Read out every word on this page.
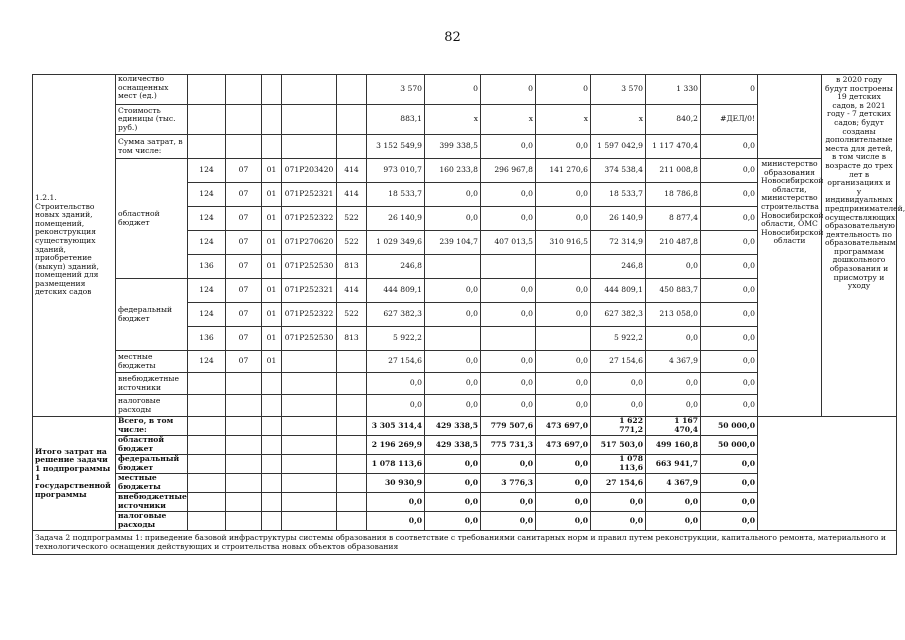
82
1.2.1.
Строительство новых зданий, помещений, реконструкция существующих зданий, приобретение (выкуп) зданий, помещений для размещения детских садов	количество оснащенных мест (ед.)						3 570	0	0	0	3 570	1 330	0		в 2020 году будут построены 19 детских садов, в 2021 году - 7 детских садов; будут созданы дополнительные места для детей, в том числе в возрасте до трех лет в организациях и у индивидуальных предпринимателей, осуществляющих образовательную деятельность по образовательным программам дошкольного образования и присмотру и уходу
	Стоимость единицы (тыс. руб.)						883,1	x	x	x	x	840,2	#ДЕЛ/0!		
	Сумма затрат, в том числе:						3 152 549,9	399 338,5	0,0	0,0	1 597 042,9	1 117 470,4	0,0		
	областной бюджет	124	07	01	071P203420	414	973 010,7	160 233,8	296 967,8	141 270,6	374 538,4	211 008,8	0,0	министерство образования Новосибирской области, министерство строительства Новосибирской области, ОМС Новосибирской области	
		124	07	01	071P252321	414	18 533,7	0,0	0,0	0,0	18 533,7	18 786,8	0,0		
		124	07	01	071P252322	522	26 140,9	0,0	0,0	0,0	26 140,9	8 877,4	0,0		
		124	07	01	071P270620	522	1 029 349,6	239 104,7	407 013,5	310 916,5	72 314,9	210 487,8	0,0		
		136	07	01	071P252530	813	246,8				246,8	0,0	0,0		
	федеральный бюджет	124	07	01	071P252321	414	444 809,1	0,0	0,0	0,0	444 809,1	450 883,7	0,0		
		124	07	01	071P252322	522	627 382,3	0,0	0,0	0,0	627 382,3	213 058,0	0,0		
		136	07	01	071P252530	813	5 922,2				5 922,2	0,0	0,0		
	местные бюджеты	124	07	01			27 154,6	0,0	0,0	0,0	27 154,6	4 367,9	0,0		
	внебюджетные источники						0,0	0,0	0,0	0,0	0,0	0,0	0,0		
	налоговые расходы						0,0	0,0	0,0	0,0	0,0	0,0	0,0		
Итого затрат на решение задачи 1 подпрограммы 1 государственной программы	Всего, в том числе:						3 305 314,4	429 338,5	779 507,6	473 697,0	1 622 771,2	1 167 470,4	50 000,0		
	областной бюджет						2 196 269,9	429 338,5	775 731,3	473 697,0	517 503,0	499 160,8	50 000,0		
	федеральный бюджет						1 078 113,6	0,0	0,0	0,0	1 078 113,6	663 941,7	0,0		
	местные бюджеты						30 930,9	0,0	3 776,3	0,0	27 154,6	4 367,9	0,0		
	внебюджетные источники						0,0	0,0	0,0	0,0	0,0	0,0	0,0		
	налоговые расходы						0,0	0,0	0,0	0,0	0,0	0,0	0,0		
Задача 2 подпрограммы 1: приведение базовой инфраструктуры системы образования в соответствие с требованиями санитарных норм и правил путем реконструкции, капитального ремонта, материального и технологического оснащения действующих и строительства новых объектов образования															
